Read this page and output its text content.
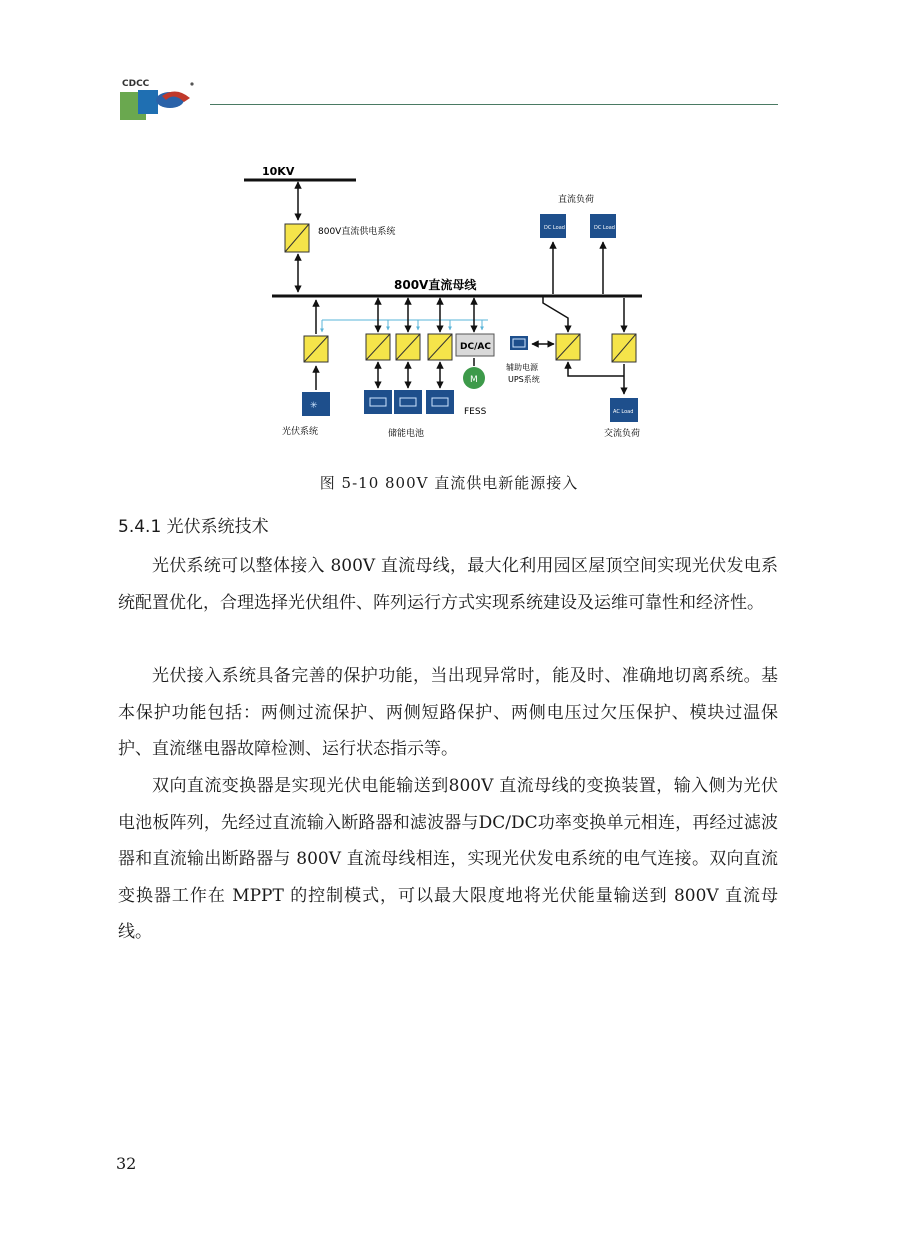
CDCC
10KV
800V直流供电系统
800V直流母线
直流负荷
DC Load	DC Load
✳
光伏系统	储能电池
DC/AC
M
FESS
辅助电源
UPS系统
AC Load
交流负荷
图 5-10 800V 直流供电新能源接入
5.4.1 光伏系统技术

光伏系统可以整体接入 800V 直流母线，最大化利用园区屋顶空间实现光伏发电系统配置优化，合理选择光伏组件、阵列运行方式实现系统建设及运维可靠性和经济性。

光伏接入系统具备完善的保护功能，当出现异常时，能及时、准确地切离系统。基本保护功能包括：两侧过流保护、两侧短路保护、两侧电压过欠压保护、模块过温保护、直流继电器故障检测、运行状态指示等。

双向直流变换器是实现光伏电能输送到800V 直流母线的变换装置，输入侧为光伏电池板阵列，先经过直流输入断路器和滤波器与DC/DC功率变换单元相连，再经过滤波器和直流输出断路器与 800V 直流母线相连，实现光伏发电系统的电气连接。双向直流变换器工作在 MPPT 的控制模式，可以最大限度地将光伏能量输送到 800V 直流母线。

32
